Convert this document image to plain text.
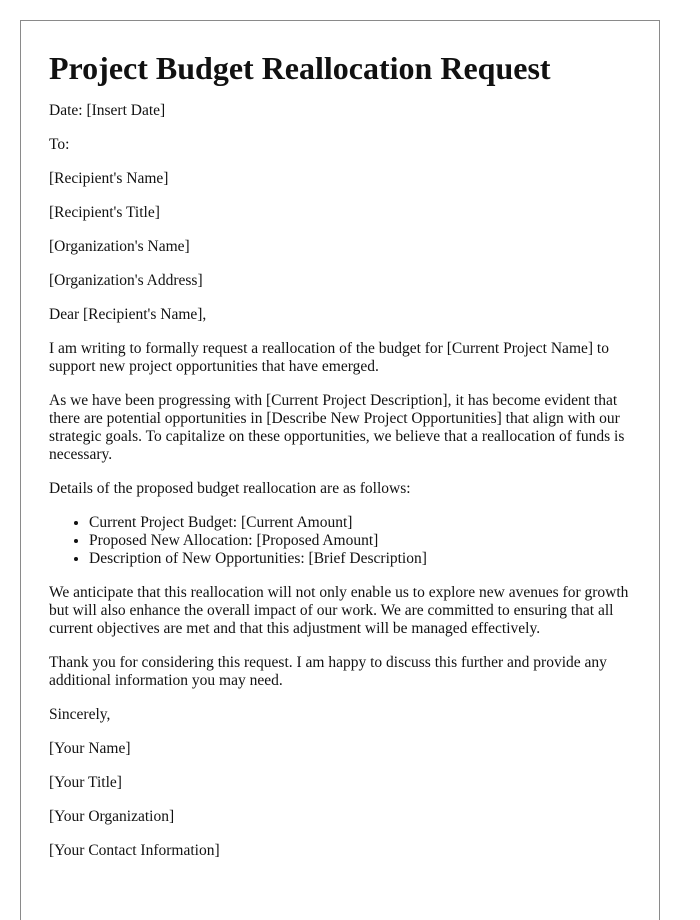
Project Budget Reallocation Request

Date: [Insert Date]

To:

[Recipient's Name]

[Recipient's Title]

[Organization's Name]

[Organization's Address]

Dear [Recipient's Name],

I am writing to formally request a reallocation of the budget for [Current Project Name] to support new project opportunities that have emerged.

As we have been progressing with [Current Project Description], it has become evident that there are potential opportunities in [Describe New Project Opportunities] that align with our strategic goals. To capitalize on these opportunities, we believe that a reallocation of funds is necessary.

Details of the proposed budget reallocation are as follows:

• Current Project Budget: [Current Amount]
• Proposed New Allocation: [Proposed Amount]
• Description of New Opportunities: [Brief Description]

We anticipate that this reallocation will not only enable us to explore new avenues for growth but will also enhance the overall impact of our work. We are committed to ensuring that all current objectives are met and that this adjustment will be managed effectively.

Thank you for considering this request. I am happy to discuss this further and provide any additional information you may need.

Sincerely,

[Your Name]

[Your Title]

[Your Organization]

[Your Contact Information]
